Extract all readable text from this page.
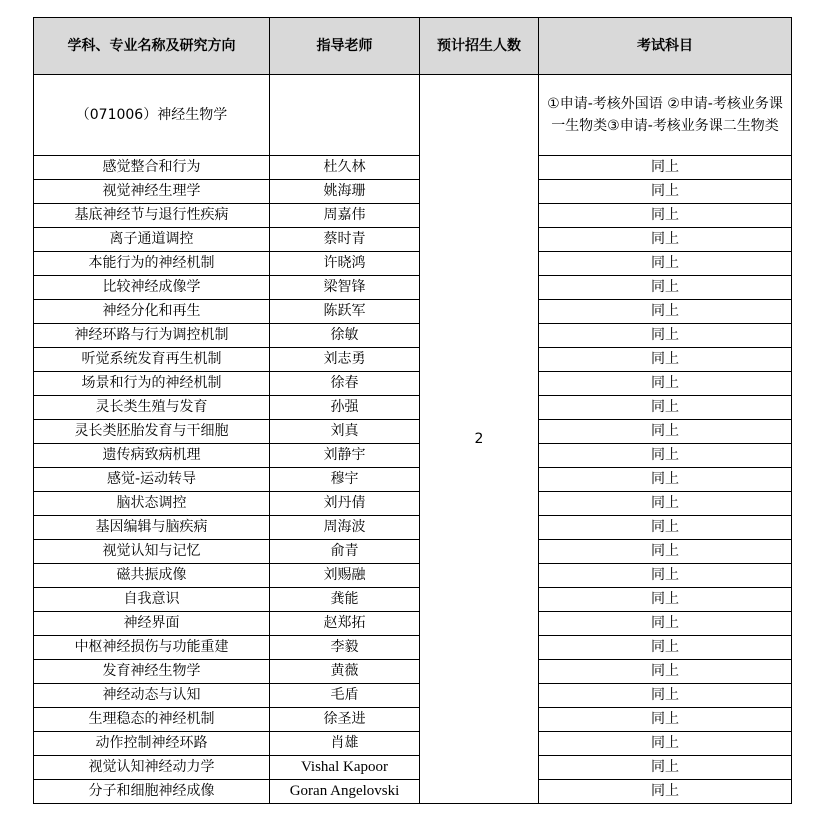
学科、专业名称及研究方向	指导老师	预计招生人数	考试科目
（071006）神经生物学		2	①申请-考核外国语 ②申请-考核业务课一生物类③申请-考核业务课二生物类
感觉整合和行为	杜久林		同上
视觉神经生理学	姚海珊		同上
基底神经节与退行性疾病	周嘉伟		同上
离子通道调控	蔡时青		同上
本能行为的神经机制	许晓鸿		同上
比较神经成像学	梁智锋		同上
神经分化和再生	陈跃军		同上
神经环路与行为调控机制	徐敏		同上
听觉系统发育再生机制	刘志勇		同上
场景和行为的神经机制	徐春		同上
灵长类生殖与发育	孙强		同上
灵长类胚胎发育与干细胞	刘真		同上
遗传病致病机理	刘静宇		同上
感觉-运动转导	穆宇		同上
脑状态调控	刘丹倩		同上
基因编辑与脑疾病	周海波		同上
视觉认知与记忆	俞青		同上
磁共振成像	刘赐融		同上
自我意识	龚能		同上
神经界面	赵郑拓		同上
中枢神经损伤与功能重建	李毅		同上
发育神经生物学	黄薇		同上
神经动态与认知	毛盾		同上
生理稳态的神经机制	徐圣进		同上
动作控制神经环路	肖雄		同上
视觉认知神经动力学	Vishal Kapoor		同上
分子和细胞神经成像	Goran Angelovski		同上
